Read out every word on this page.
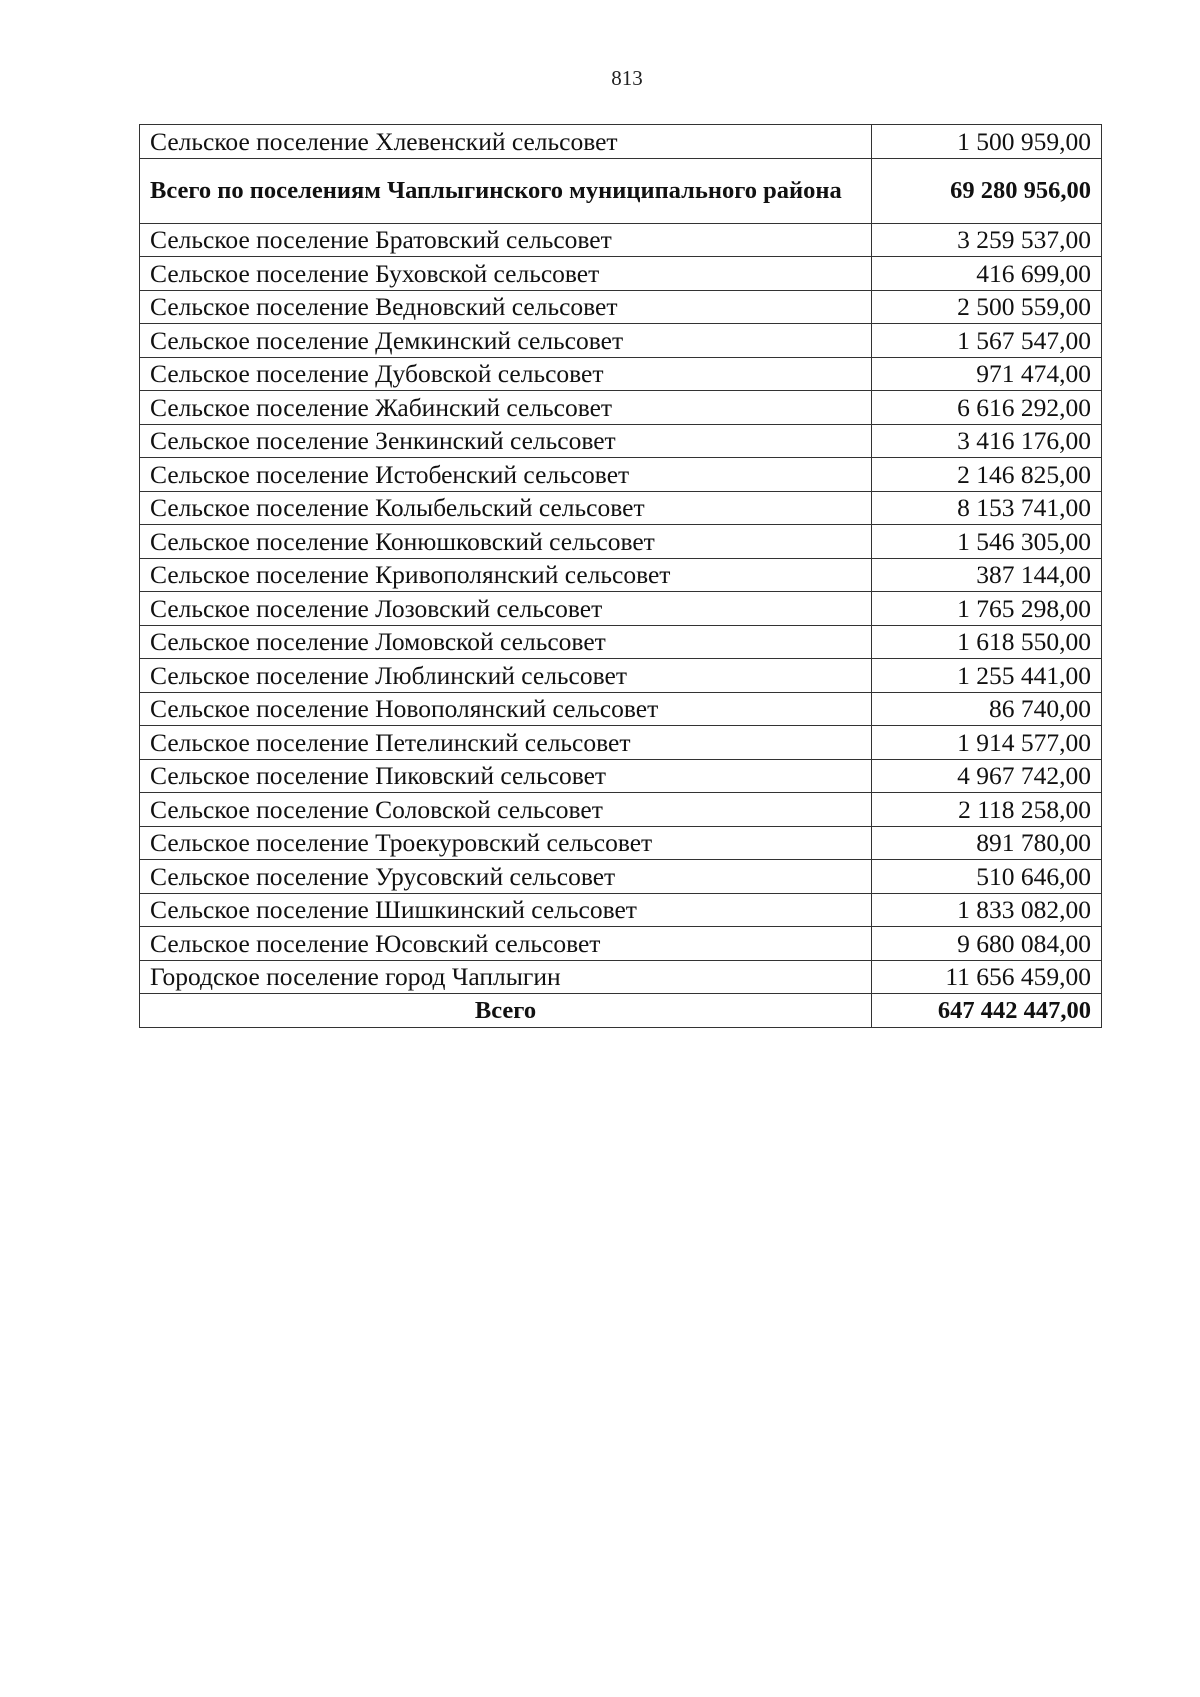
813
Сельское поселение Хлевенский сельсовет	1 500 959,00
Всего по поселениям Чаплыгинского муниципального района	69 280 956,00
Сельское поселение Братовский сельсовет	3 259 537,00
Сельское поселение Буховской сельсовет	416 699,00
Сельское поселение Ведновский сельсовет	2 500 559,00
Сельское поселение Демкинский сельсовет	1 567 547,00
Сельское поселение Дубовской сельсовет	971 474,00
Сельское поселение Жабинский сельсовет	6 616 292,00
Сельское поселение Зенкинский сельсовет	3 416 176,00
Сельское поселение Истобенский сельсовет	2 146 825,00
Сельское поселение Колыбельский сельсовет	8 153 741,00
Сельское поселение Конюшковский сельсовет	1 546 305,00
Сельское поселение Кривополянский сельсовет	387 144,00
Сельское поселение Лозовский сельсовет	1 765 298,00
Сельское поселение Ломовской сельсовет	1 618 550,00
Сельское поселение Люблинский сельсовет	1 255 441,00
Сельское поселение Новополянский сельсовет	86 740,00
Сельское поселение Петелинский сельсовет	1 914 577,00
Сельское поселение Пиковский сельсовет	4 967 742,00
Сельское поселение Соловской сельсовет	2 118 258,00
Сельское поселение Троекуровский сельсовет	891 780,00
Сельское поселение Урусовский сельсовет	510 646,00
Сельское поселение Шишкинский сельсовет	1 833 082,00
Сельское поселение Юсовский сельсовет	9 680 084,00
Городское поселение город Чаплыгин	11 656 459,00
Всего	647 442 447,00
